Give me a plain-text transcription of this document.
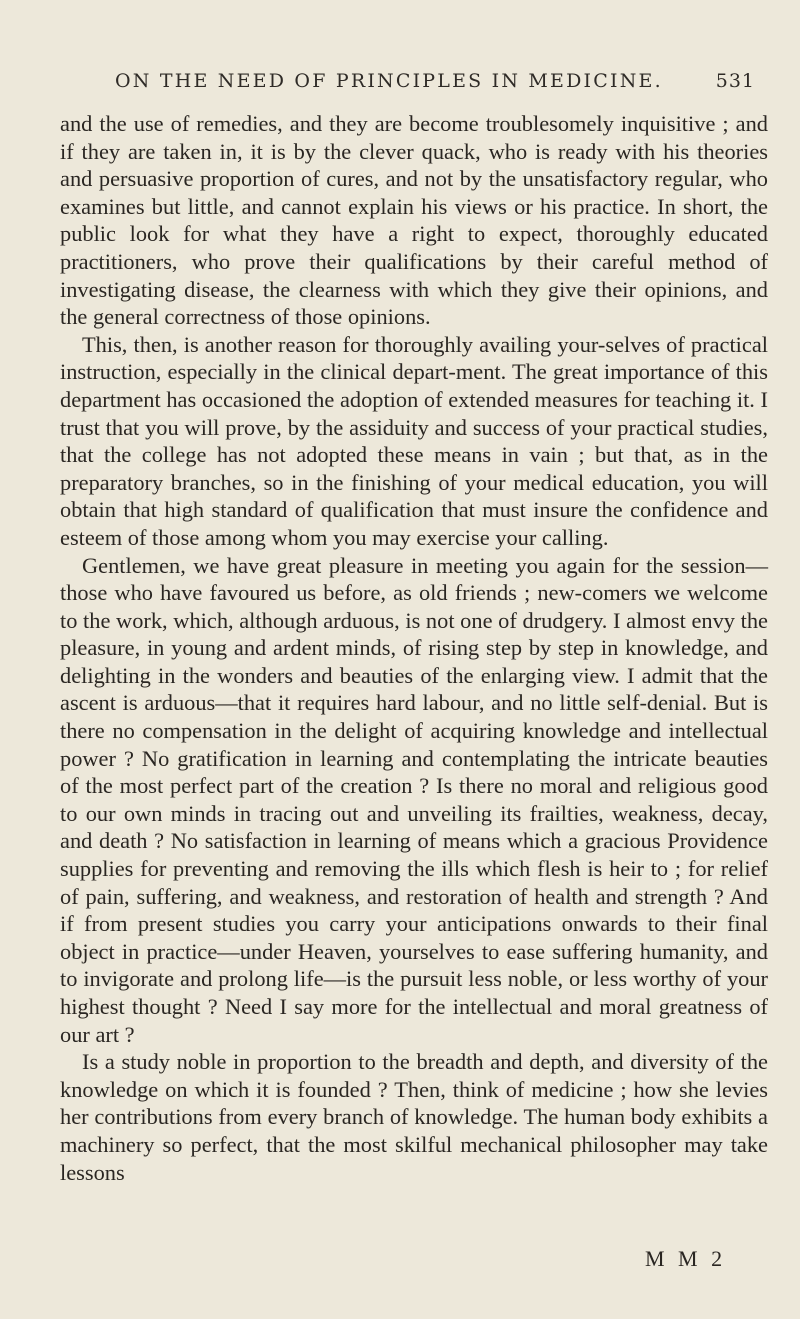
ON THE NEED OF PRINCIPLES IN MEDICINE.	531

and the use of remedies, and they are become troublesomely inquisitive ; and if they are taken in, it is by the clever quack, who is ready with his theories and persuasive proportion of cures, and not by the unsatisfactory regular, who examines but little, and cannot explain his views or his practice. In short, the public look for what they have a right to expect, thoroughly educated practitioners, who prove their qualifications by their careful method of investigating disease, the clearness with which they give their opinions, and the general correctness of those opinions.

This, then, is another reason for thoroughly availing your-selves of practical instruction, especially in the clinical depart-ment. The great importance of this department has occasioned the adoption of extended measures for teaching it. I trust that you will prove, by the assiduity and success of your practical studies, that the college has not adopted these means in vain ; but that, as in the preparatory branches, so in the finishing of your medical education, you will obtain that high standard of qualification that must insure the confidence and esteem of those among whom you may exercise your calling.

Gentlemen, we have great pleasure in meeting you again for the session—those who have favoured us before, as old friends ; new-comers we welcome to the work, which, although arduous, is not one of drudgery. I almost envy the pleasure, in young and ardent minds, of rising step by step in knowledge, and delighting in the wonders and beauties of the enlarging view. I admit that the ascent is arduous—that it requires hard labour, and no little self-denial. But is there no compensation in the delight of acquiring knowledge and intellectual power ? No gratification in learning and contemplating the intricate beauties of the most perfect part of the creation ? Is there no moral and religious good to our own minds in tracing out and unveiling its frailties, weakness, decay, and death ? No satisfaction in learning of means which a gracious Providence supplies for preventing and removing the ills which flesh is heir to ; for relief of pain, suffering, and weakness, and restoration of health and strength ? And if from present studies you carry your anticipations onwards to their final object in practice—under Heaven, yourselves to ease suffering humanity, and to invigorate and prolong life—is the pursuit less noble, or less worthy of your highest thought ? Need I say more for the intellectual and moral greatness of our art ?

Is a study noble in proportion to the breadth and depth, and diversity of the knowledge on which it is founded ? Then, think of medicine ; how she levies her contributions from every branch of knowledge. The human body exhibits a machinery so perfect, that the most skilful mechanical philosopher may take lessons

M M 2
